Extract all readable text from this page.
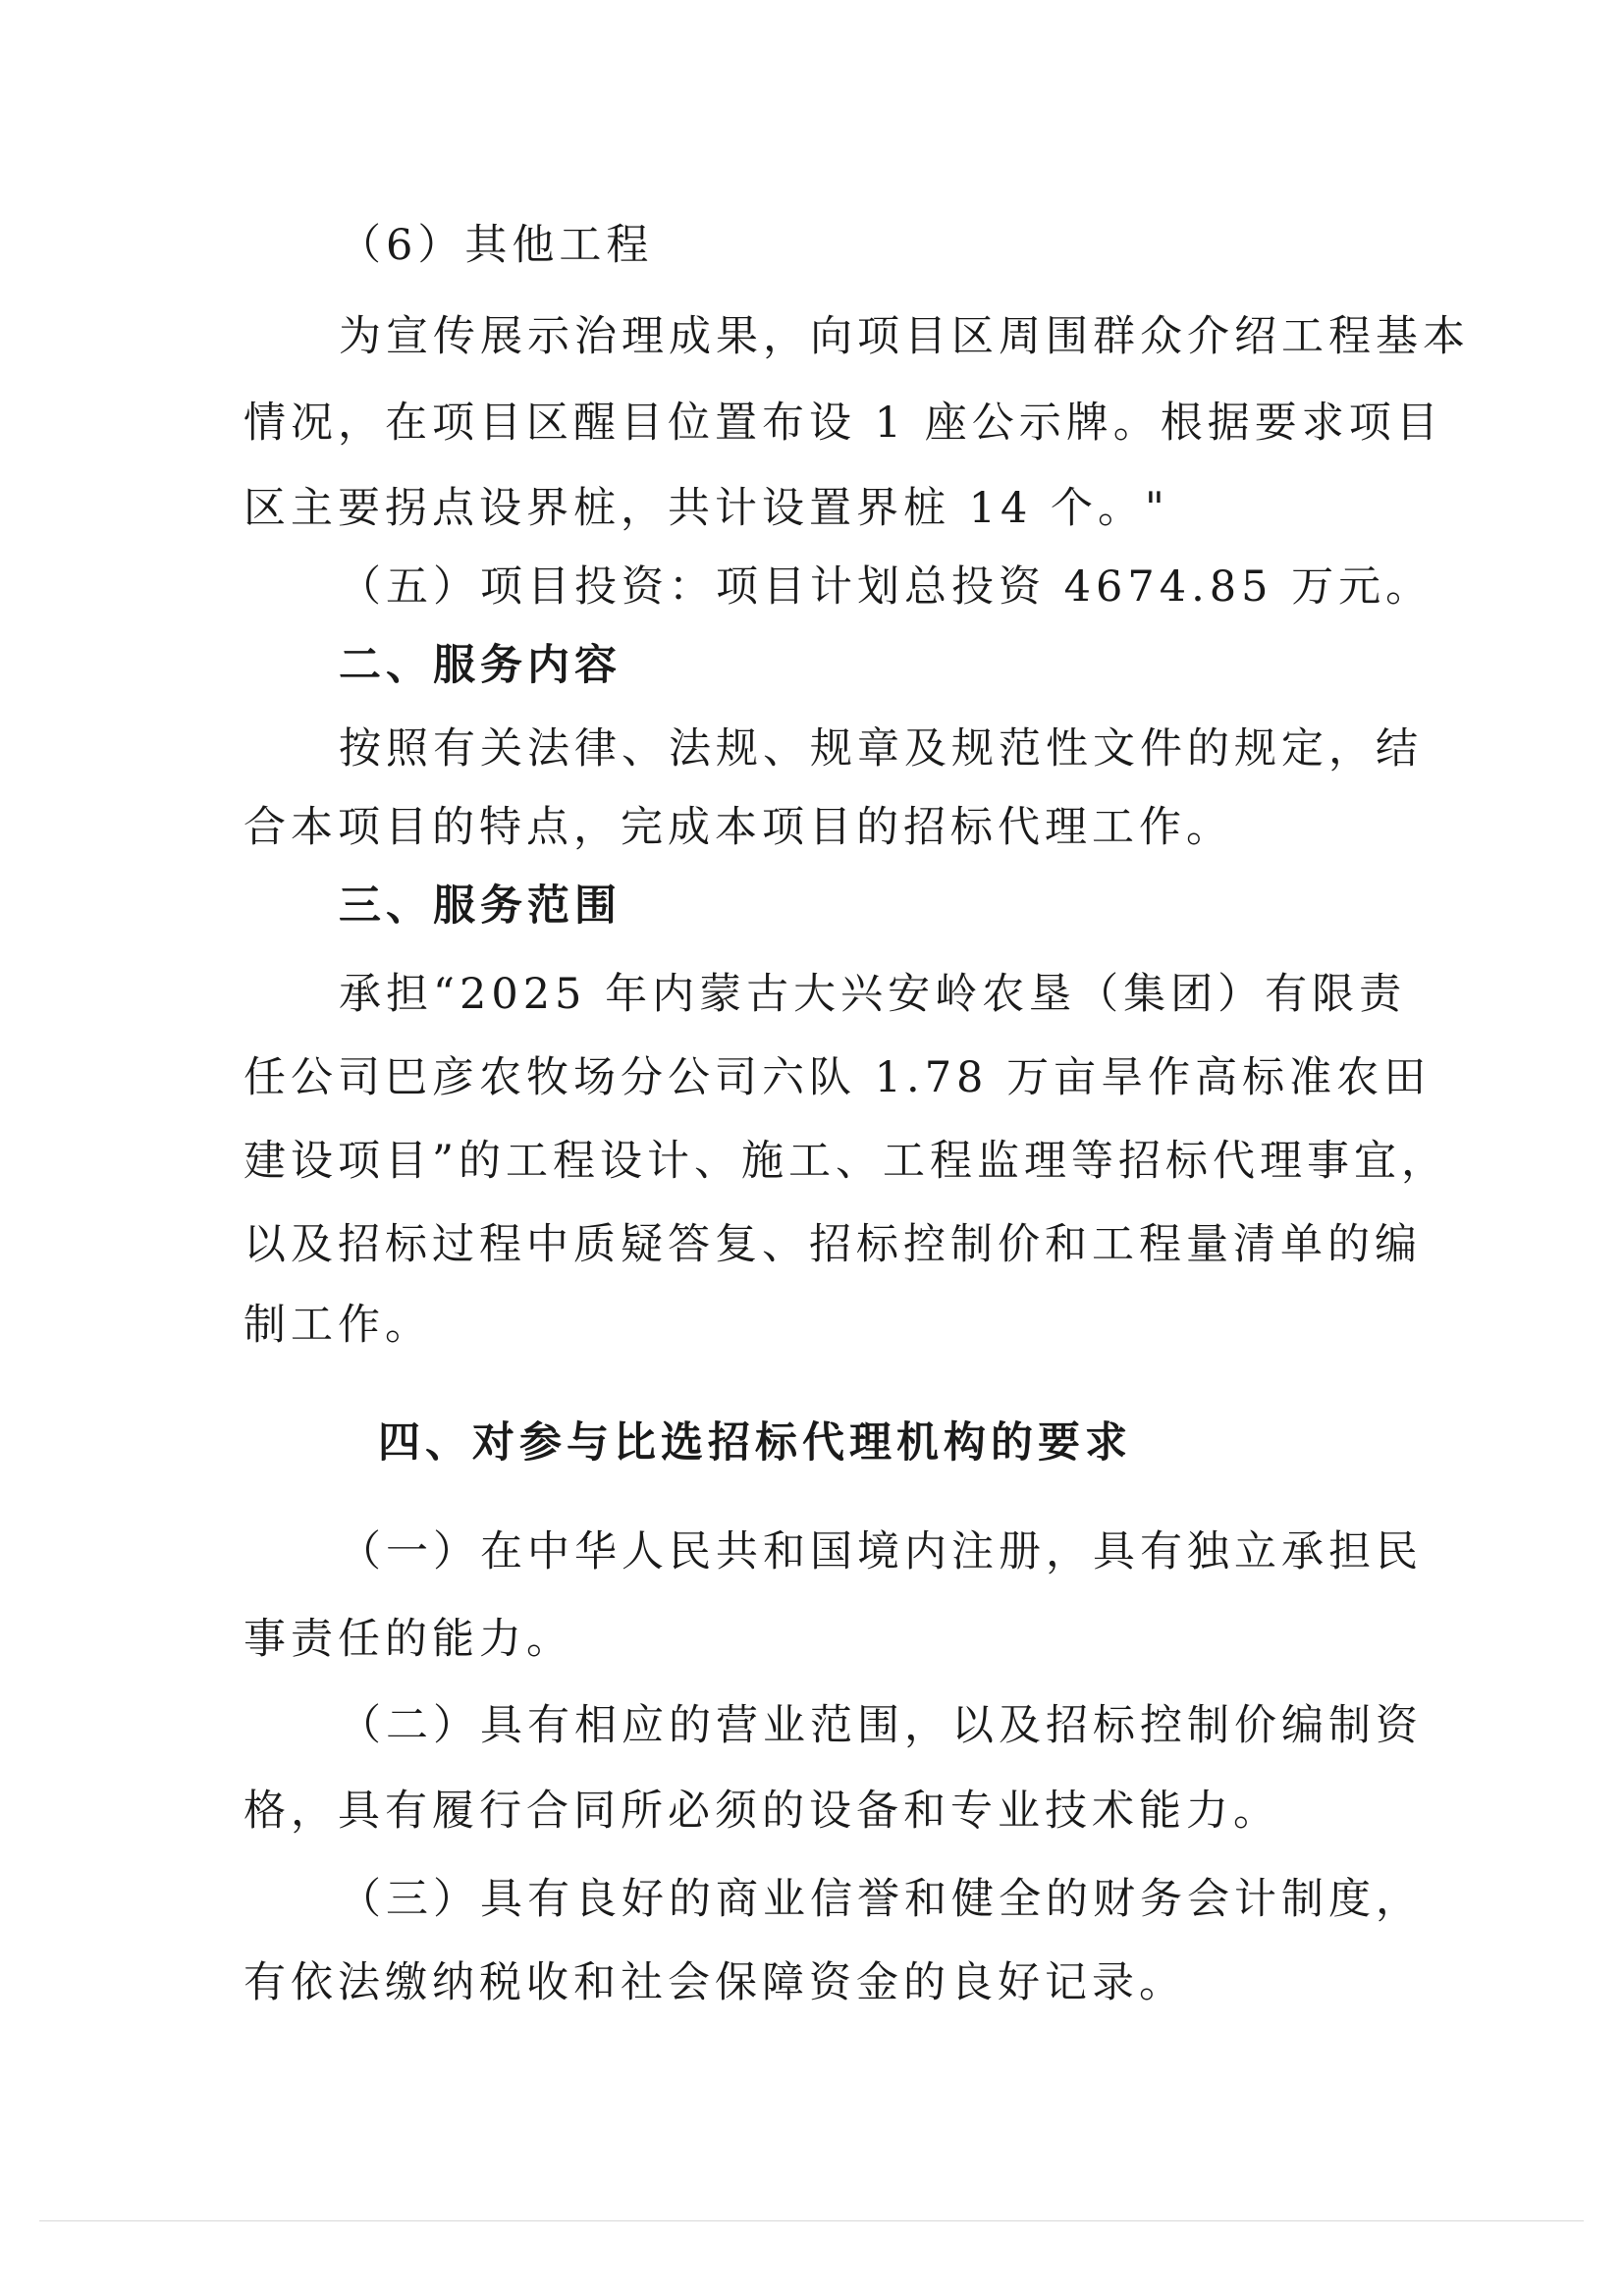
（6）其他工程
为宣传展示治理成果，向项目区周围群众介绍工程基本
情况，在项目区醒目位置布设 1 座公示牌。根据要求项目
区主要拐点设界桩，共计设置界桩 14 个。"
（五）项目投资：项目计划总投资 4674.85 万元。
二、服务内容
按照有关法律、法规、规章及规范性文件的规定，结
合本项目的特点，完成本项目的招标代理工作。
三、服务范围
承担“2025 年内蒙古大兴安岭农垦（集团）有限责
任公司巴彦农牧场分公司六队 1.78 万亩旱作高标准农田
建设项目”的工程设计、施工、工程监理等招标代理事宜，
以及招标过程中质疑答复、招标控制价和工程量清单的编
制工作。
四、对参与比选招标代理机构的要求
（一）在中华人民共和国境内注册，具有独立承担民
事责任的能力。
（二）具有相应的营业范围，以及招标控制价编制资
格，具有履行合同所必须的设备和专业技术能力。
（三）具有良好的商业信誉和健全的财务会计制度，
有依法缴纳税收和社会保障资金的良好记录。
